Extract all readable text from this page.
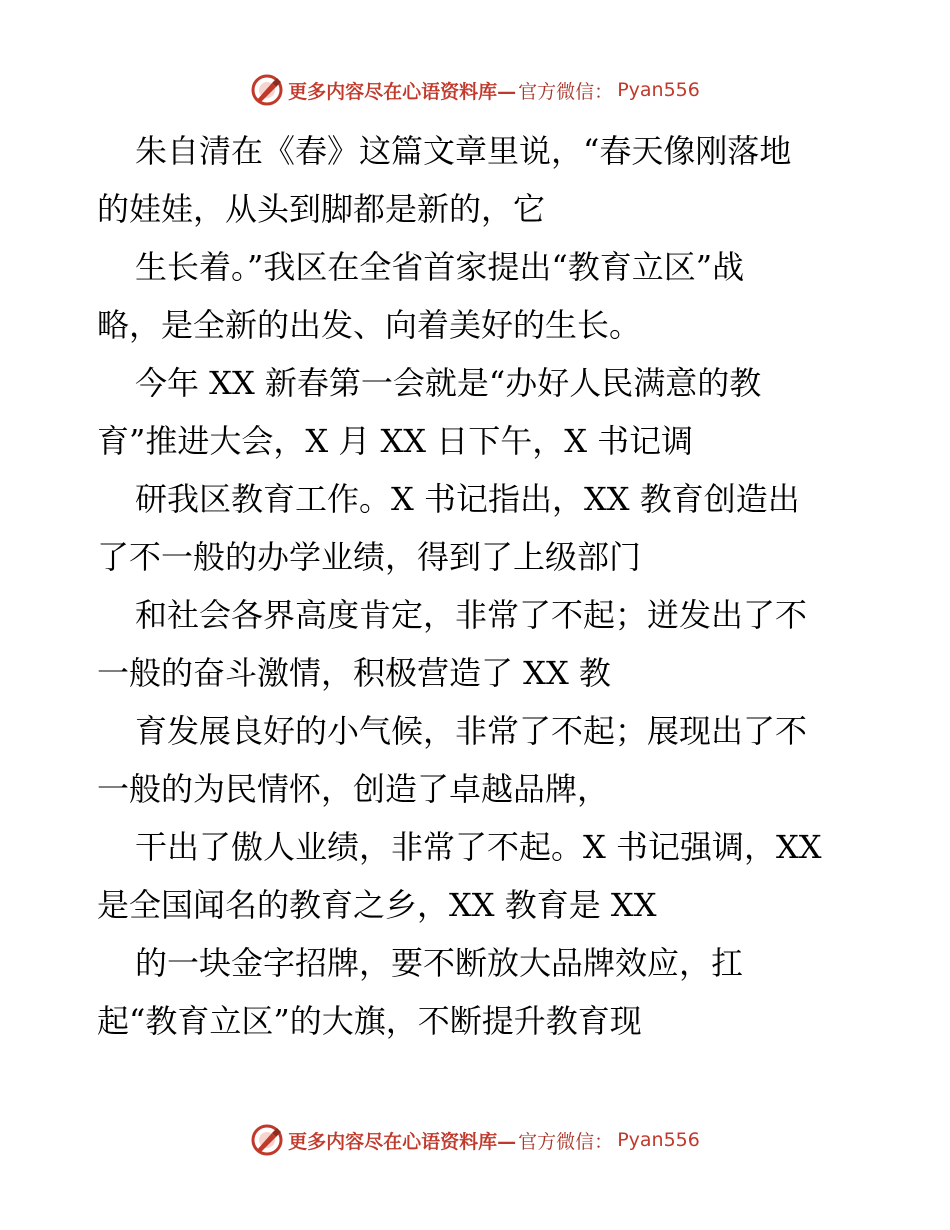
更多内容尽在心语资料库— 官方微信： Pyan556
朱自清在《春》这篇文章里说，“春天像刚落地
的娃娃，从头到脚都是新的，它
生长着。”我区在全省首家提出“教育立区”战
略，是全新的出发、向着美好的生长。
今年 XX 新春第一会就是“办好人民满意的教
育”推进大会，X 月 XX 日下午，X 书记调
研我区教育工作。X 书记指出，XX 教育创造出
了不一般的办学业绩，得到了上级部门
和社会各界高度肯定，非常了不起；迸发出了不
一般的奋斗激情，积极营造了 XX 教
育发展良好的小气候，非常了不起；展现出了不
一般的为民情怀，创造了卓越品牌，
干出了傲人业绩，非常了不起。X 书记强调，XX
是全国闻名的教育之乡，XX 教育是 XX
的一块金字招牌，要不断放大品牌效应，扛
起“教育立区”的大旗，不断提升教育现
更多内容尽在心语资料库— 官方微信： Pyan556
